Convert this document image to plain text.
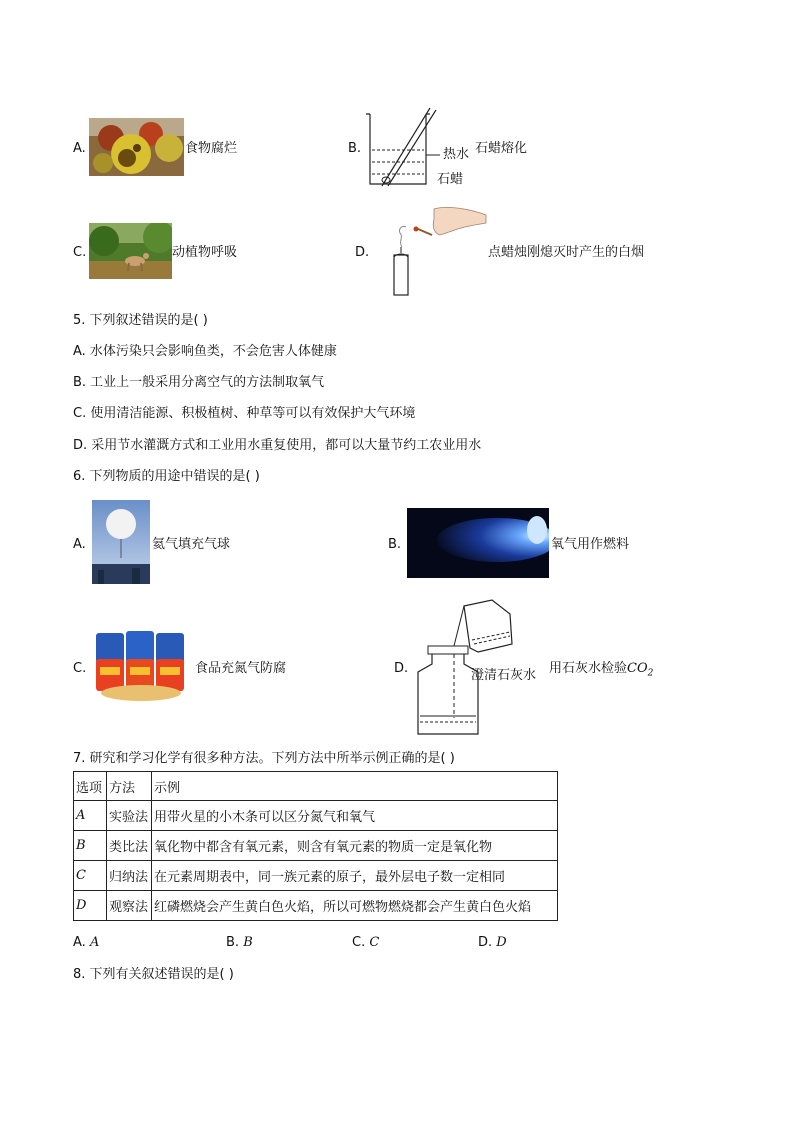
A.	食物腐烂	B.	热水 石蜡熔化
石蜡
C.	动植物呼吸	D.	点蜡烛刚熄灭时产生的白烟
5. 下列叙述错误的是( )
A. 水体污染只会影响鱼类，不会危害人体健康
B. 工业上一般采用分离空气的方法制取氧气
C. 使用清洁能源、积极植树、种草等可以有效保护大气环境
D. 采用节水灌溉方式和工业用水重复使用，都可以大量节约工农业用水
6. 下列物质的用途中错误的是( )
A.	氦气填充气球	B.	氧气用作燃料
C.	食品充氮气防腐	D.	澄清石灰水 用石灰水检验$CO_2$
7. 研究和学习化学有很多种方法。下列方法中所举示例正确的是( )
选项	方法	示例
A	实验法	用带火星的小木条可以区分氮气和氧气
B	类比法	氧化物中都含有氧元素，则含有氧元素的物质一定是氧化物
C	归纳法	在元素周期表中，同一族元素的原子，最外层电子数一定相同
D	观察法	红磷燃烧会产生黄白色火焰，所以可燃物燃烧都会产生黄白色火焰
A. A	B. B	C. C	D. D
8. 下列有关叙述错误的是( )
